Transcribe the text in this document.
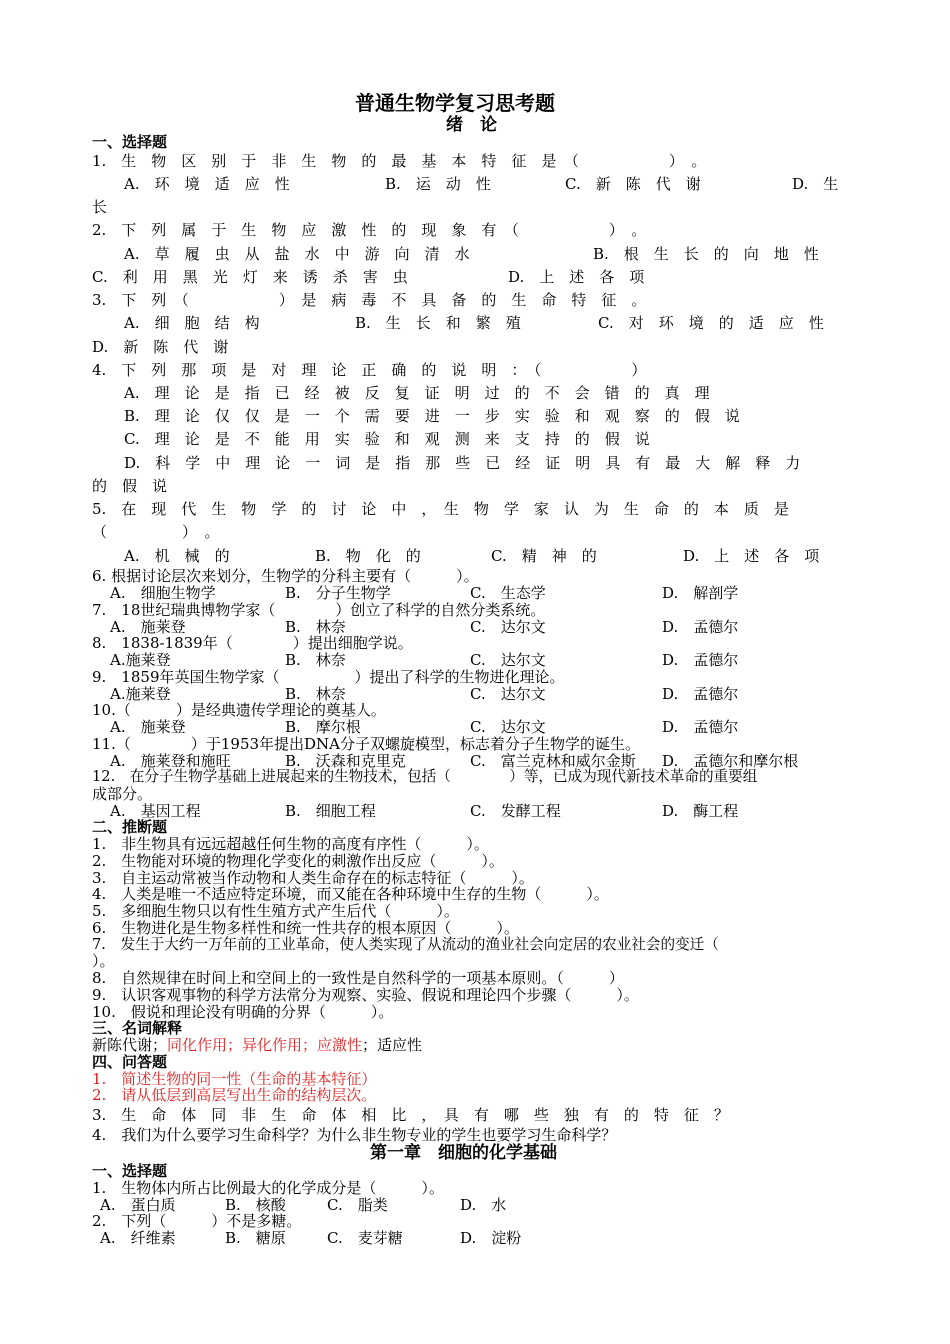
普通生物学复习思考题
绪　论
一、选择题
1.　生　物　区　别　于　非　生　物　的　最　基　本　特　征　是　（　　　　　　）　。
A.　环　境　适　应　性	B.　运　动　性	C.　新　陈　代　谢	D.　生
长
2.　下　列　属　于　生　物　应　激　性　的　现　象　有　（　　　　　　）　。
A.　草　履　虫　从　盐　水　中　游　向　清　水	B.　根　生　长　的　向　地　性
C.　利　用　黑　光　灯　来　诱　杀　害　虫	D.　上　述　各　项
3.　下　列　（　　　　　　）　是　病　毒　不　具　备　的　生　命　特　征　。
A.　细　胞　结　构	B.　生　长　和　繁　殖	C.　对　环　境　的　适　应　性
D.　新　陈　代　谢
4.　下　列　那　项　是　对　理　论　正　确　的　说　明　：　（　　　　　　）
A.　理　论　是　指　已　经　被　反　复　证　明　过　的　不　会　错　的　真　理
B.　理　论　仅　仅　是　一　个　需　要　进　一　步　实　验　和　观　察　的　假　说
C.　理　论　是　不　能　用　实　验　和　观　测　来　支　持　的　假　说
D.　科　学　中　理　论　一　词　是　指　那　些　已　经　证　明　具　有　最　大　解　释　力
的　假　说
5.　在　现　代　生　物　学　的　讨　论　中　，　生　物　学　家　认　为　生　命　的　本　质　是
（　　　　　）　。
A.　机　械　的	B.　物　化　的	C.　精　神　的	D.　上　述　各　项
6. 根据讨论层次来划分，生物学的分科主要有（　　　）。
A.　细胞生物学	B.　分子生物学	C.　生态学	D.　解剖学
7.　18世纪瑞典博物学家（　　　　）创立了科学的自然分类系统。
A.　施莱登	B.　林奈	C.　达尔文	D.　孟德尔
8.　1838-1839年（　　　　）提出细胞学说。
A.施莱登	B.　林奈	C.　达尔文	D.　孟德尔
9.　1859年英国生物学家（　　　　　）提出了科学的生物进化理论。
A.施莱登	B.　林奈	C.　达尔文	D.　孟德尔
10.（　　　）是经典遗传学理论的奠基人。
A.　施莱登	B.　摩尔根	C.　达尔文	D.　孟德尔
11.（　　　　）于1953年提出DNA分子双螺旋模型，标志着分子生物学的诞生。
A.　施莱登和施旺	B.　沃森和克里克	C.　富兰克林和威尔金斯 D.　孟德尔和摩尔根
12.　在分子生物学基础上进展起来的生物技术，包括（　　　　）等，已成为现代新技术革命的重要组
成部分。
A.　基因工程	B.　细胞工程	C.　发酵工程	D.　酶工程
二、推断题
1.　非生物具有远远超越任何生物的高度有序性（　　　）。
2.　生物能对环境的物理化学变化的刺激作出反应（　　　）。
3.　自主运动常被当作动物和人类生命存在的标志特征（　　　）。
4.　人类是唯一不适应特定环境，而又能在各种环境中生存的生物（　　　）。
5.　多细胞生物只以有性生殖方式产生后代（　　　）。
6.　生物进化是生物多样性和统一性共存的根本原因（　　　）。
7.　发生于大约一万年前的工业革命，使人类实现了从流动的渔业社会向定居的农业社会的变迁（
）。
8.　自然规律在时间上和空间上的一致性是自然科学的一项基本原则。（　　　）
9.　认识客观事物的科学方法常分为观察、实验、假说和理论四个步骤（　　　）。
10.　假说和理论没有明确的分界（　　　）。
三、名词解释
新陈代谢；同化作用；异化作用；应激性；适应性
四、问答题
1.　简述生物的同一性（生命的基本特征）
2.　请从低层到高层写出生命的结构层次。
3.　生　命　体　同　非　生　命　体　相　比　，　具　有　哪　些　独　有　的　特　征　？
4.　我们为什么要学习生命科学？为什么非生物专业的学生也要学习生命科学？
第一章　细胞的化学基础
一、选择题
1.　生物体内所占比例最大的化学成分是（　　　）。
A.　蛋白质	B.　核酸	C.　脂类	D.　水
2.　下列（　　　）不是多糖。
A.　纤维素	B.　糖原	C.　麦芽糖	D.　淀粉
